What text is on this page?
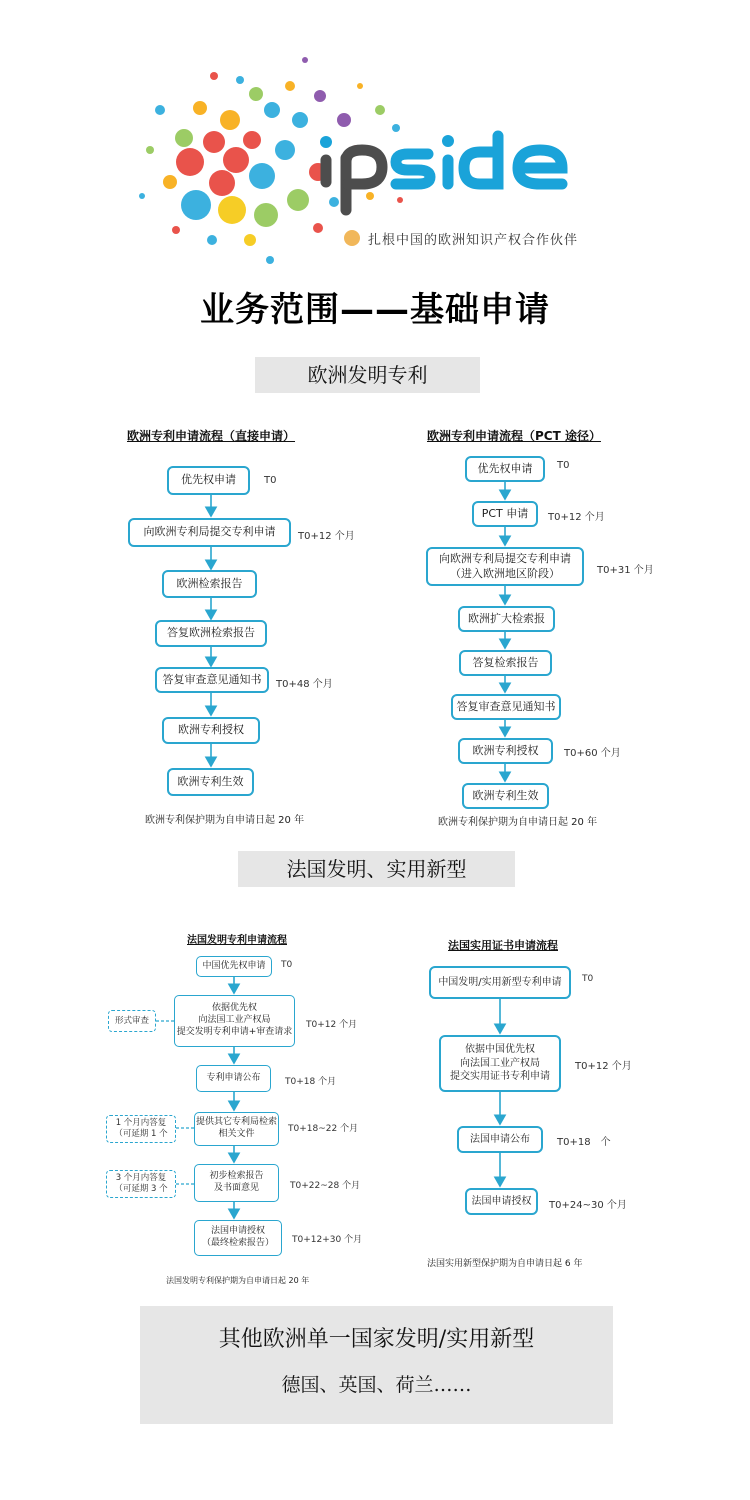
扎根中国的欧洲知识产权合作伙伴
业务范围——基础申请
欧洲发明专利
欧洲专利申请流程（直接申请）
优先权申请
向欧洲专利局提交专利申请
欧洲检索报告
答复欧洲检索报告
答复审查意见通知书
欧洲专利授权
欧洲专利生效
T0
T0+12 个月
T0+48 个月
欧洲专利保护期为自申请日起 20 年
欧洲专利申请流程（PCT 途径）
优先权申请
PCT 申请
向欧洲专利局提交专利申请
（进入欧洲地区阶段）
欧洲扩大检索报
答复检索报告
答复审查意见通知书
欧洲专利授权
欧洲专利生效
T0
T0+12 个月
T0+31 个月
T0+60 个月
欧洲专利保护期为自申请日起 20 年
法国发明、实用新型
法国发明专利申请流程
中国优先权申请
依据优先权
向法国工业产权局
提交发明专利申请+审查请求
专利申请公布
提供其它专利局检索
相关文件
初步检索报告
及书面意见
法国申请授权
（最终检索报告）
形式审查
1 个月内答复
（可延期 1 个
3 个月内答复
（可延期 3 个
T0
T0+12 个月
T0+18 个月
T0+18~22 个月
T0+22~28 个月
T0+12+30 个月
法国发明专利保护期为自申请日起 20 年
法国实用证书申请流程
中国发明/实用新型专利申请
依据中国优先权
向法国工业产权局
提交实用证书专利申请
法国申请公布
法国申请授权
T0
T0+12 个月
T0+18　个
T0+24~30 个月
法国实用新型保护期为自申请日起 6 年
其他欧洲单一国家发明/实用新型
德国、英国、荷兰……
